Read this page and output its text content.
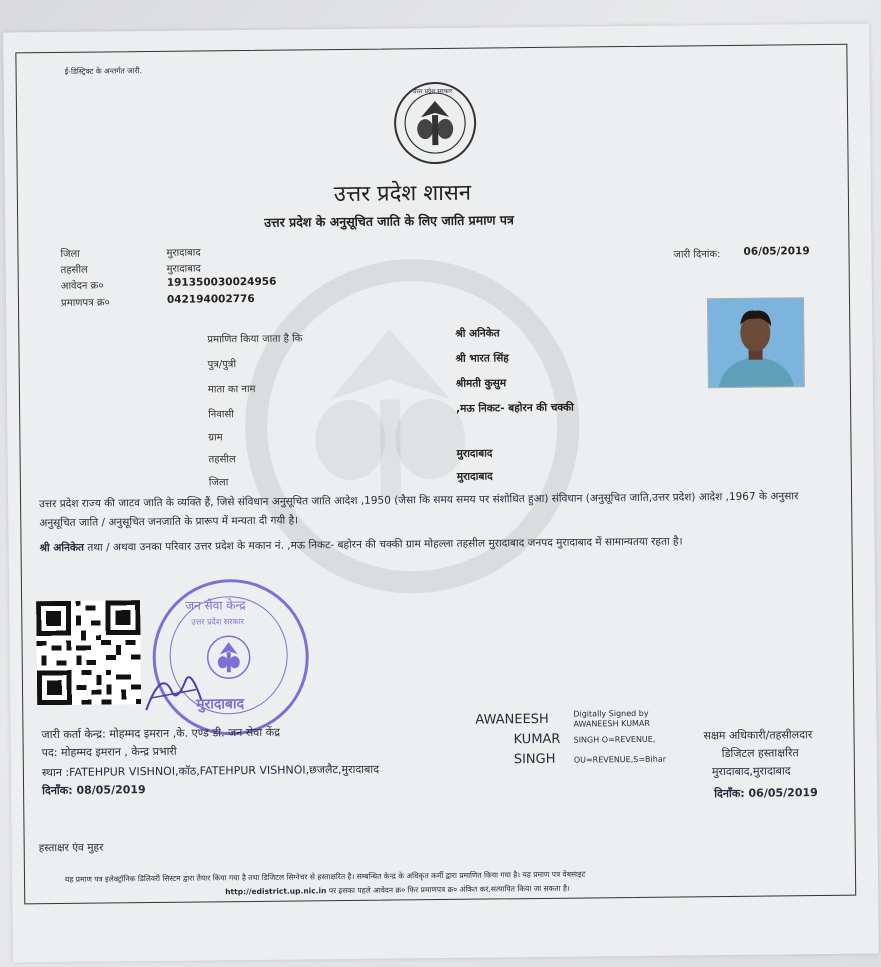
ई-डिस्ट्रिक्ट के अन्तर्गत जारी.
उत्तर प्रदेश सरकार
उत्तर प्रदेश शासन
उत्तर प्रदेश के अनुसूचित जाति के लिए जाति प्रमाण पत्र
जिला	मुरादाबाद
तहसील	मुरादाबाद
आवेदन क्र०	191350030024956
प्रमाणपत्र क्र०	042194002776
जारी दिनांक: 06/05/2019
प्रमाणित किया जाता है कि	श्री अनिकेत
पुत्र/पुत्री	श्री भारत सिंह
माता का नाम	श्रीमती कुसुम
निवासी	,मऊ निकट- बहोरन की चक्की
ग्राम
तहसील	मुरादाबाद
जिला	मुरादाबाद
उत्तर प्रदेश राज्य की जाटव जाति के व्यक्ति हैं, जिसे संविधान अनुसूचित जाति आदेश ,1950 (जैसा कि समय समय पर संशोधित हुआ) संविधान (अनुसूचित जाति,उत्तर प्रदेश) आदेश ,1967 के अनुसार अनुसूचित जाति / अनुसूचित जनजाति के प्रारूप में मन्यता दी गयी है।
श्री अनिकेत तथा / अथवा उनका परिवार उत्तर प्रदेश के मकान नं. ,मऊ निकट- बहोरन की चक्की ग्राम मोहल्ला तहसील मुरादाबाद जनपद मुरादाबाद में सामान्यतया रहता है।
जन सेवा केन्द्र
उत्तर प्रदेश सरकार
मुरादाबाद
जारी कर्ता केन्द्र: मोहम्मद इमरान ,के. एण्ड डी. जन सेवा केंद्र
पद: मोहम्मद इमरान , केन्द्र प्रभारी
स्थान :FATEHPUR VISHNOI,कॉठ,FATEHPUR VISHNOI,छजलैट,मुरादाबाद
दिनाँक: 08/05/2019
AWANEESH
KUMAR
SINGH
Digitally Signed by
AWANEESH KUMAR
SINGH O=REVENUE,
OU=REVENUE,S=Bihar
सक्षम अधिकारी/तहसीलदार
डिजिटल हस्ताक्षरित
मुरादाबाद,मुरादाबाद
दिनाँक: 06/05/2019
हस्ताक्षर एंव मुहर
यह प्रमाण पत्र इलेक्ट्रॉनिक डिलिवरी सिस्टम द्वारा तैयार किया गया है तथा डिजिटल सिग्नेचर से हस्ताक्षरित है। सम्बन्धित केन्द्र के अधिकृत कर्मी द्वारा प्रमाणित किया गया है। यह प्रमाण पत्र वेबसाइट
http://edistrict.up.nic.in पर इसका पहले आवेदन क्र० फिर प्रमाणपत्र क्र० अंकित कर,सत्यापित किया जा सकता है।
